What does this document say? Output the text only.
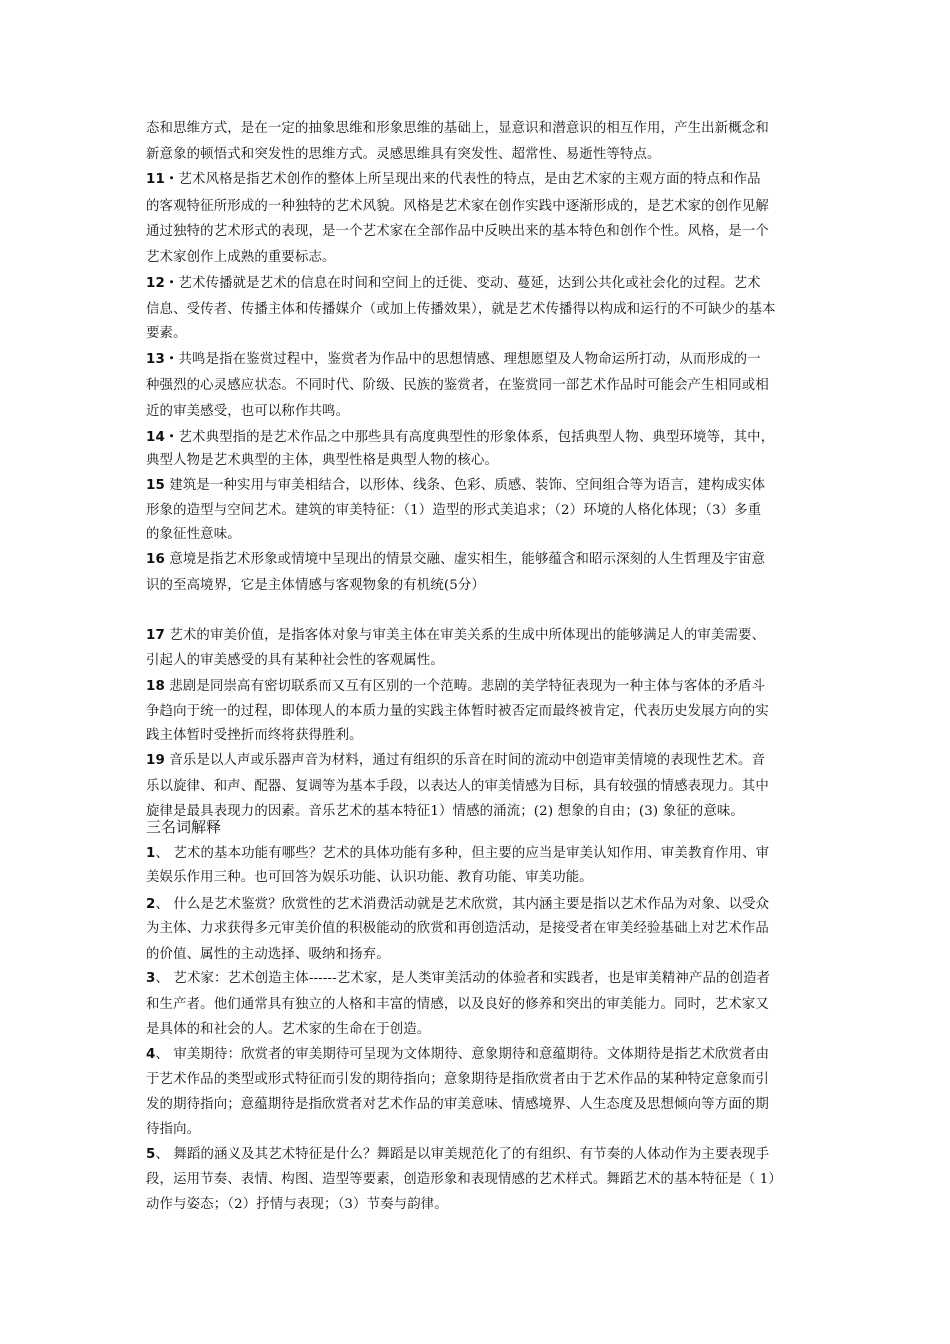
态和思维方式，是在一定的抽象思维和形象思维的基础上，显意识和潜意识的相互作用，产生出新概念和
新意象的顿悟式和突发性的思维方式。灵感思维具有突发性、超常性、易逝性等特点。
11・艺术风格是指艺术创作的整体上所呈现出来的代表性的特点，是由艺术家的主观方面的特点和作品
的客观特征所形成的一种独特的艺术风貌。风格是艺术家在创作实践中逐渐形成的，是艺术家的创作见解
通过独特的艺术形式的表现，是一个艺术家在全部作品中反映出来的基本特色和创作个性。风格，是一个
艺术家创作上成熟的重要标志。
12・艺术传播就是艺术的信息在时间和空间上的迁徙、变动、蔓延，达到公共化或社会化的过程。艺术
信息、受传者、传播主体和传播媒介（或加上传播效果），就是艺术传播得以构成和运行的不可缺少的基本
要素。
13・共鸣是指在鉴赏过程中，鉴赏者为作品中的思想情感、理想愿望及人物命运所打动，从而形成的一
种强烈的心灵感应状态。不同时代、阶级、民族的鉴赏者，在鉴赏同一部艺术作品时可能会产生相同或相
近的审美感受，也可以称作共鸣。
14・艺术典型指的是艺术作品之中那些具有高度典型性的形象体系，包括典型人物、典型环境等，其中，
典型人物是艺术典型的主体，典型性格是典型人物的核心。
15 建筑是一种实用与审美相结合，以形体、线条、色彩、质感、装饰、空间组合等为语言，建构成实体
形象的造型与空间艺术。建筑的审美特征：（1）造型的形式美追求；（2）环境的人格化体现；（3）多重
的象征性意味。
16 意境是指艺术形象或情境中呈现出的情景交融、虚实相生，能够蕴含和昭示深刻的人生哲理及宇宙意
识的至高境界，它是主体情感与客观物象的有机统(5分）
17 艺术的审美价值，是指客体对象与审美主体在审美关系的生成中所体现出的能够满足人的审美需要、
引起人的审美感受的具有某种社会性的客观属性。
18 悲剧是同崇高有密切联系而又互有区别的一个范畴。悲剧的美学特征表现为一种主体与客体的矛盾斗
争趋向于统一的过程，即体现人的本质力量的实践主体暂时被否定而最终被肯定，代表历史发展方向的实
践主体暂时受挫折而终将获得胜利。
19 音乐是以人声或乐器声音为材料，通过有组织的乐音在时间的流动中创造审美情境的表现性艺术。音
乐以旋律、和声、配器、复调等为基本手段，以表达人的审美情感为目标，具有较强的情感表现力。其中
旋律是最具表现力的因素。音乐艺术的基本特征1）情感的涌流；(2) 想象的自由；(3) 象征的意味。
三名词解释
1、 艺术的基本功能有哪些？艺术的具体功能有多种，但主要的应当是审美认知作用、审美教育作用、审
美娱乐作用三种。也可回答为娱乐功能、认识功能、教育功能、审美功能。
2、 什么是艺术鉴赏？欣赏性的艺术消费活动就是艺术欣赏，其内涵主要是指以艺术作品为对象、以受众
为主体、力求获得多元审美价值的积极能动的欣赏和再创造活动，是接受者在审美经验基础上对艺术作品
的价值、属性的主动选择、吸纳和扬弃。
3、 艺术家：艺术创造主体------艺术家，是人类审美活动的体验者和实践者，也是审美精神产品的创造者
和生产者。他们通常具有独立的人格和丰富的情感，以及良好的修养和突出的审美能力。同时，艺术家又
是具体的和社会的人。艺术家的生命在于创造。
4、 审美期待：欣赏者的审美期待可呈现为文体期待、意象期待和意蕴期待。文体期待是指艺术欣赏者由
于艺术作品的类型或形式特征而引发的期待指向；意象期待是指欣赏者由于艺术作品的某种特定意象而引
发的期待指向；意蕴期待是指欣赏者对艺术作品的审美意味、情感境界、人生态度及思想倾向等方面的期
待指向。
5、 舞蹈的涵义及其艺术特征是什么？舞蹈是以审美规范化了的有组织、有节奏的人体动作为主要表现手
段，运用节奏、表情、构图、造型等要素，创造形象和表现情感的艺术样式。舞蹈艺术的基本特征是（ 1）
动作与姿态；（2）抒情与表现；（3）节奏与韵律。
